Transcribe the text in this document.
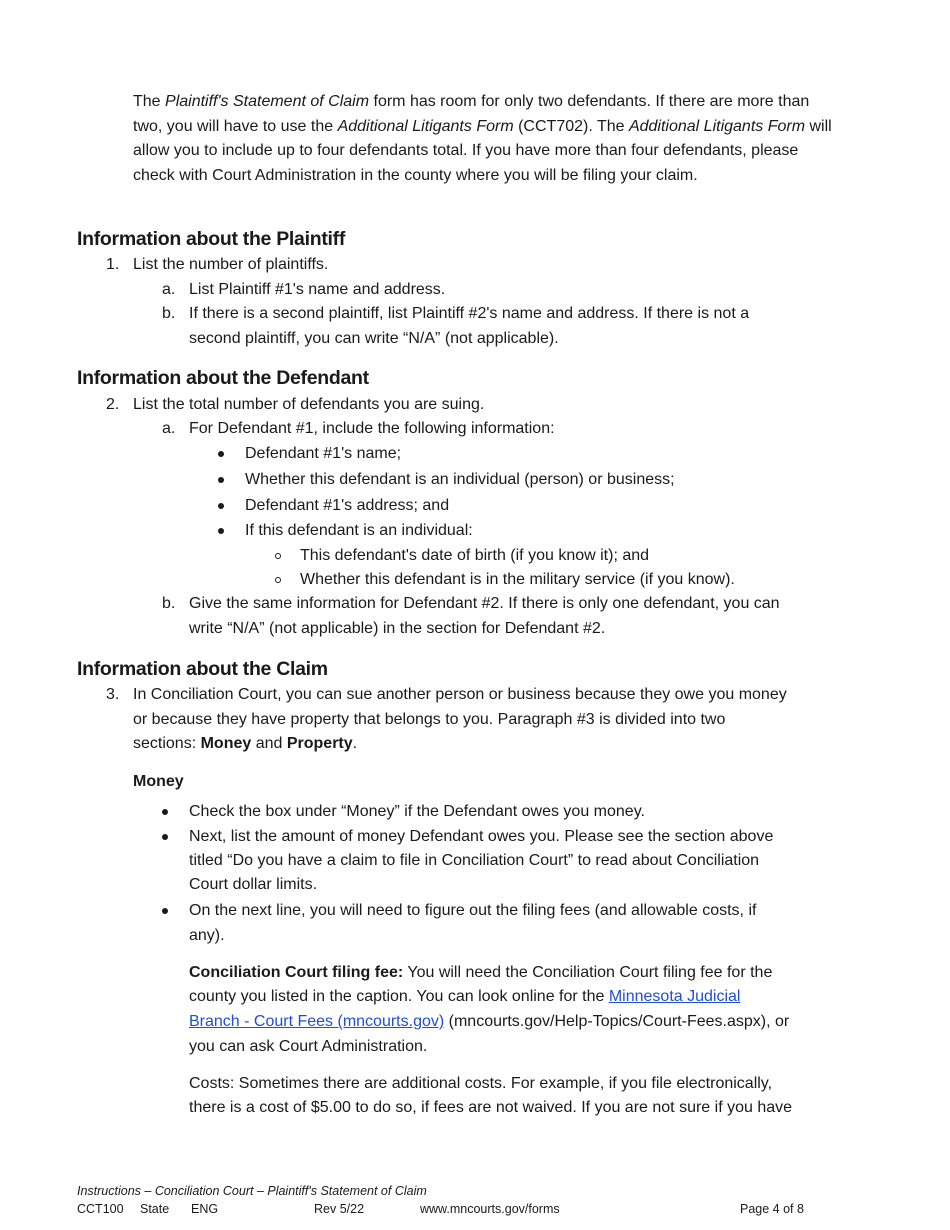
The Plaintiff's Statement of Claim form has room for only two defendants. If there are more than two, you will have to use the Additional Litigants Form (CCT702). The Additional Litigants Form will allow you to include up to four defendants total. If you have more than four defendants, please check with Court Administration in the county where you will be filing your claim.

Information about the Plaintiff
1. List the number of plaintiffs.
a. List Plaintiff #1's name and address.
b. If there is a second plaintiff, list Plaintiff #2's name and address. If there is not a
second plaintiff, you can write “N/A” (not applicable).
Information about the Defendant
2. List the total number of defendants you are suing.
a. For Defendant #1, include the following information:
Defendant #1's name;
Whether this defendant is an individual (person) or business;
Defendant #1's address; and
If this defendant is an individual:
This defendant's date of birth (if you know it); and
Whether this defendant is in the military service (if you know).
b. Give the same information for Defendant #2. If there is only one defendant, you can
write “N/A” (not applicable) in the section for Defendant #2.
Information about the Claim
3. In Conciliation Court, you can sue another person or business because they owe you money
or because they have property that belongs to you. Paragraph #3 is divided into two
sections: Money and Property.
Money
Check the box under “Money” if the Defendant owes you money.
Next, list the amount of money Defendant owes you. Please see the section above
titled “Do you have a claim to file in Conciliation Court” to read about Conciliation
Court dollar limits.
On the next line, you will need to figure out the filing fees (and allowable costs, if
any).
Conciliation Court filing fee: You will need the Conciliation Court filing fee for the
county you listed in the caption. You can look online for the Minnesota Judicial
Branch - Court Fees (mncourts.gov) (mncourts.gov/Help-Topics/Court-Fees.aspx), or
you can ask Court Administration.
Costs: Sometimes there are additional costs. For example, if you file electronically,
there is a cost of $5.00 to do so, if fees are not waived. If you are not sure if you have
Instructions – Conciliation Court – Plaintiff's Statement of Claim
CCT100 State ENG	Rev 5/22	www.mncourts.gov/forms	Page 4 of 8
